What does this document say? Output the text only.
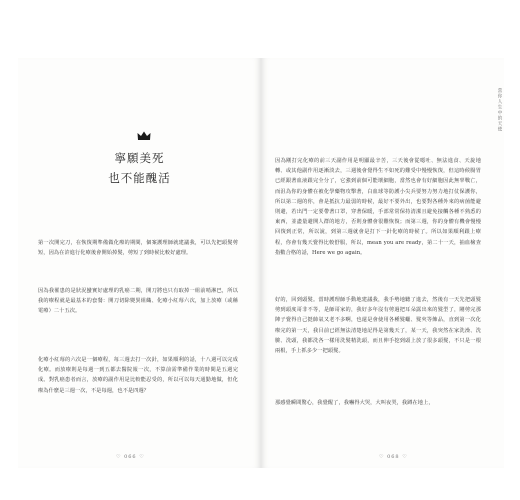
寧願美死
也不能醜活

第一次開完刀，在恢復期準備做化療的期間，個案護理師就建議我，可以先把頭髮剪短，因為在許進行化療後會開始掉髮，剪短了到時候比較好處理。

因為我罹患的是狀況蠻實好處理的乳癌二期，開刀將也只有取掉一組前哨淋巴，所以我的療程就是最基本的套餐：開刀切除變異組織、化療小紅莓六次，加上放療（或稱電療）二十五次。

化療小紅莓的六次是一個療程，每三週去打一次針，如果順利的話，十八週可以完成化療。而放療則是每週一到五都去醫院報一次，不算前需準備作業的時間是五週完成。對乳癌患者而言，放療的副作用是比較能忍受的，所以可以每天通勤地做，但化療為什麼是三週一次，不是每週，也不是四週？

♡ 066 ♡
當你人生中的天使

因為剛打完化療的前三天副作用是明顯最辛苦，三天後會從噁吐、無法進食、天旋地轉、或其他副作用逐漸淡去，三週後會覺得生不如死的難受中慢慢恢復，但這時候腸胃已經跟著血液跟完全分了，它強到前個可能壞細胞，當然也會有好細胞因此無辜戰亡，而沮為你的身體在被化學藥物攻擊著，白血球等防護小尖兵要努力努力地打仗保護你，所以第二週的你，會是抵抗力最弱的時候，最好不要外出，也要對各種外來的病菌能避則避，若出門一定要帶著口罩，穿著保暖，手部常常保持清潔且避免接觸各種不熟悉的東西，並盡量避開人群的地方，否則身體會很難恢復；而第三週，你的身體有機會慢慢回復到正常，所以說，到第三週就會是打下一針化療的時候了。所以如果順利跟上療程，你會有幾天覺得比較舒服，所以，mean you are ready，第二十一天，抽血檢查指數合格的話，Here we go again。

好的，回到頭髮。當時護理師手動地建議我，我手勢地聽了進去，然後有一天先把頭髮剪到頭度哥非不等，是師哥家的，我好多年沒有剪過把耳朵露出來的髮型了，剛剪完那陣子覺得自己挺帥氣又老不多啊，也還是會使用各種髮蠟、髮夾等飾品，直到第一次化療完的第一天，我目前已經無法清楚地記得是第幾天了，某一天，我突然在家洗澡、洗臉、洗頭，我都洗各一樣用洗髮精洗頭，而且伸手挖到頭上放了很多頭髮，不只是一根兩根，手上抓多少一把頭髮。

那感覺瞬間驚心，我覺醒了，我嚇得大哭，大叫夜哭，我蹲在地上，

♡ 068 ♡
